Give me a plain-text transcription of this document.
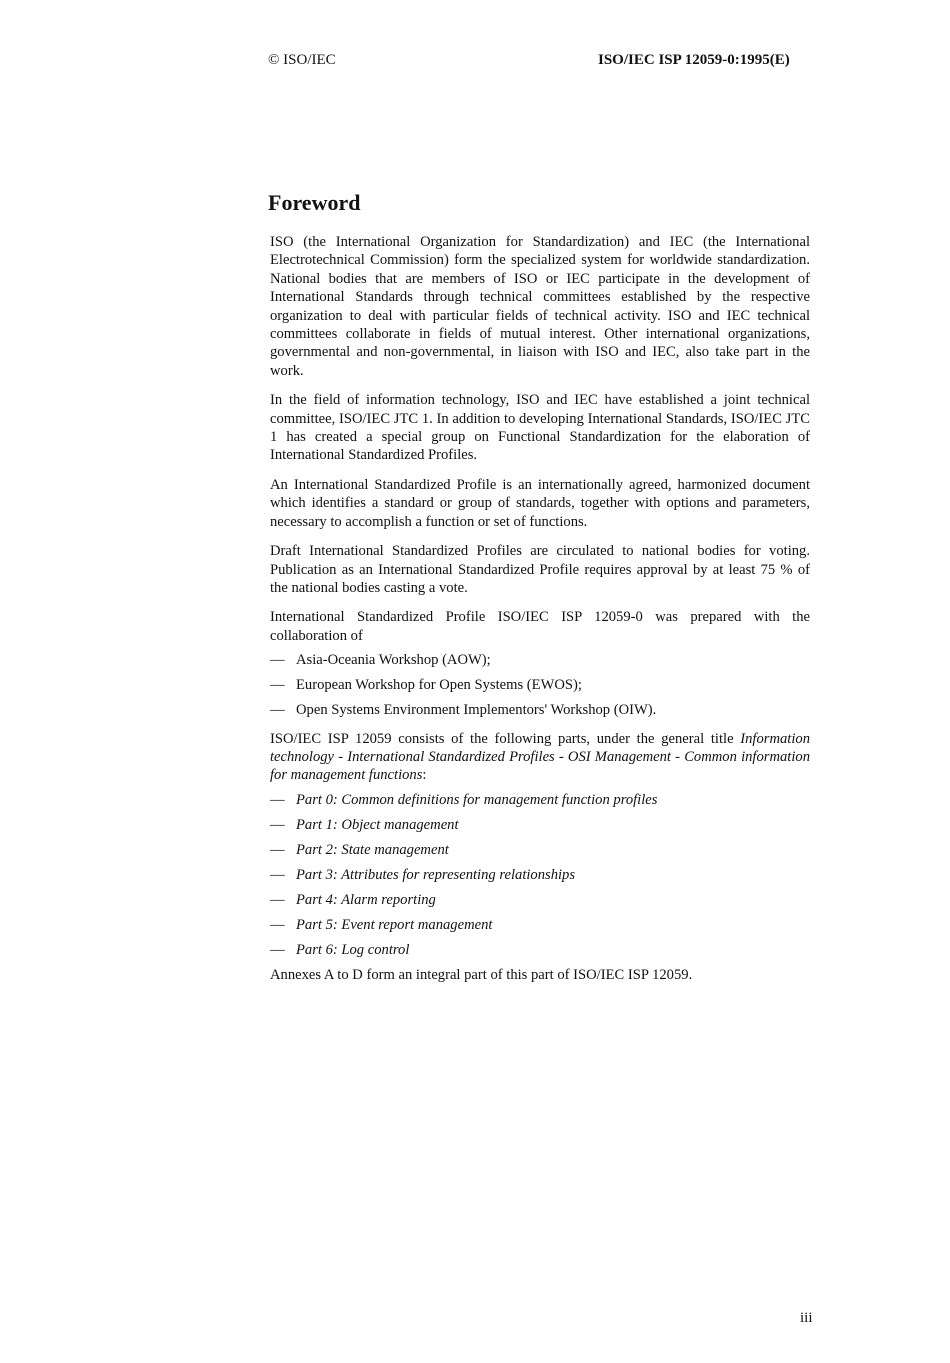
© ISO/IEC	ISO/IEC ISP 12059-0:1995(E)
Foreword

ISO (the International Organization for Standardization) and IEC (the International Electrotechnical Commission) form the specialized system for worldwide standardization. National bodies that are members of ISO or IEC participate in the development of International Standards through technical committees established by the respective organization to deal with particular fields of technical activity. ISO and IEC technical committees collaborate in fields of mutual interest. Other international organizations, governmental and non-governmental, in liaison with ISO and IEC, also take part in the work.

In the field of information technology, ISO and IEC have established a joint technical committee, ISO/IEC JTC 1. In addition to developing International Standards, ISO/IEC JTC 1 has created a special group on Functional Standardization for the elaboration of International Standardized Profiles.

An International Standardized Profile is an internationally agreed, harmonized document which identifies a standard or group of standards, together with options and parameters, necessary to accomplish a function or set of functions.

Draft International Standardized Profiles are circulated to national bodies for voting. Publication as an International Standardized Profile requires approval by at least 75 % of the national bodies casting a vote.

International Standardized Profile ISO/IEC ISP 12059-0 was prepared with the collaboration of

— Asia-Oceania Workshop (AOW);
— European Workshop for Open Systems (EWOS);
— Open Systems Environment Implementors' Workshop (OIW).

ISO/IEC ISP 12059 consists of the following parts, under the general title Information technology - International Standardized Profiles - OSI Management - Common information for management functions:

— Part 0: Common definitions for management function profiles
— Part 1: Object management
— Part 2: State management
— Part 3: Attributes for representing relationships
— Part 4: Alarm reporting
— Part 5: Event report management
— Part 6: Log control

Annexes A to D form an integral part of this part of ISO/IEC ISP 12059.

iii
